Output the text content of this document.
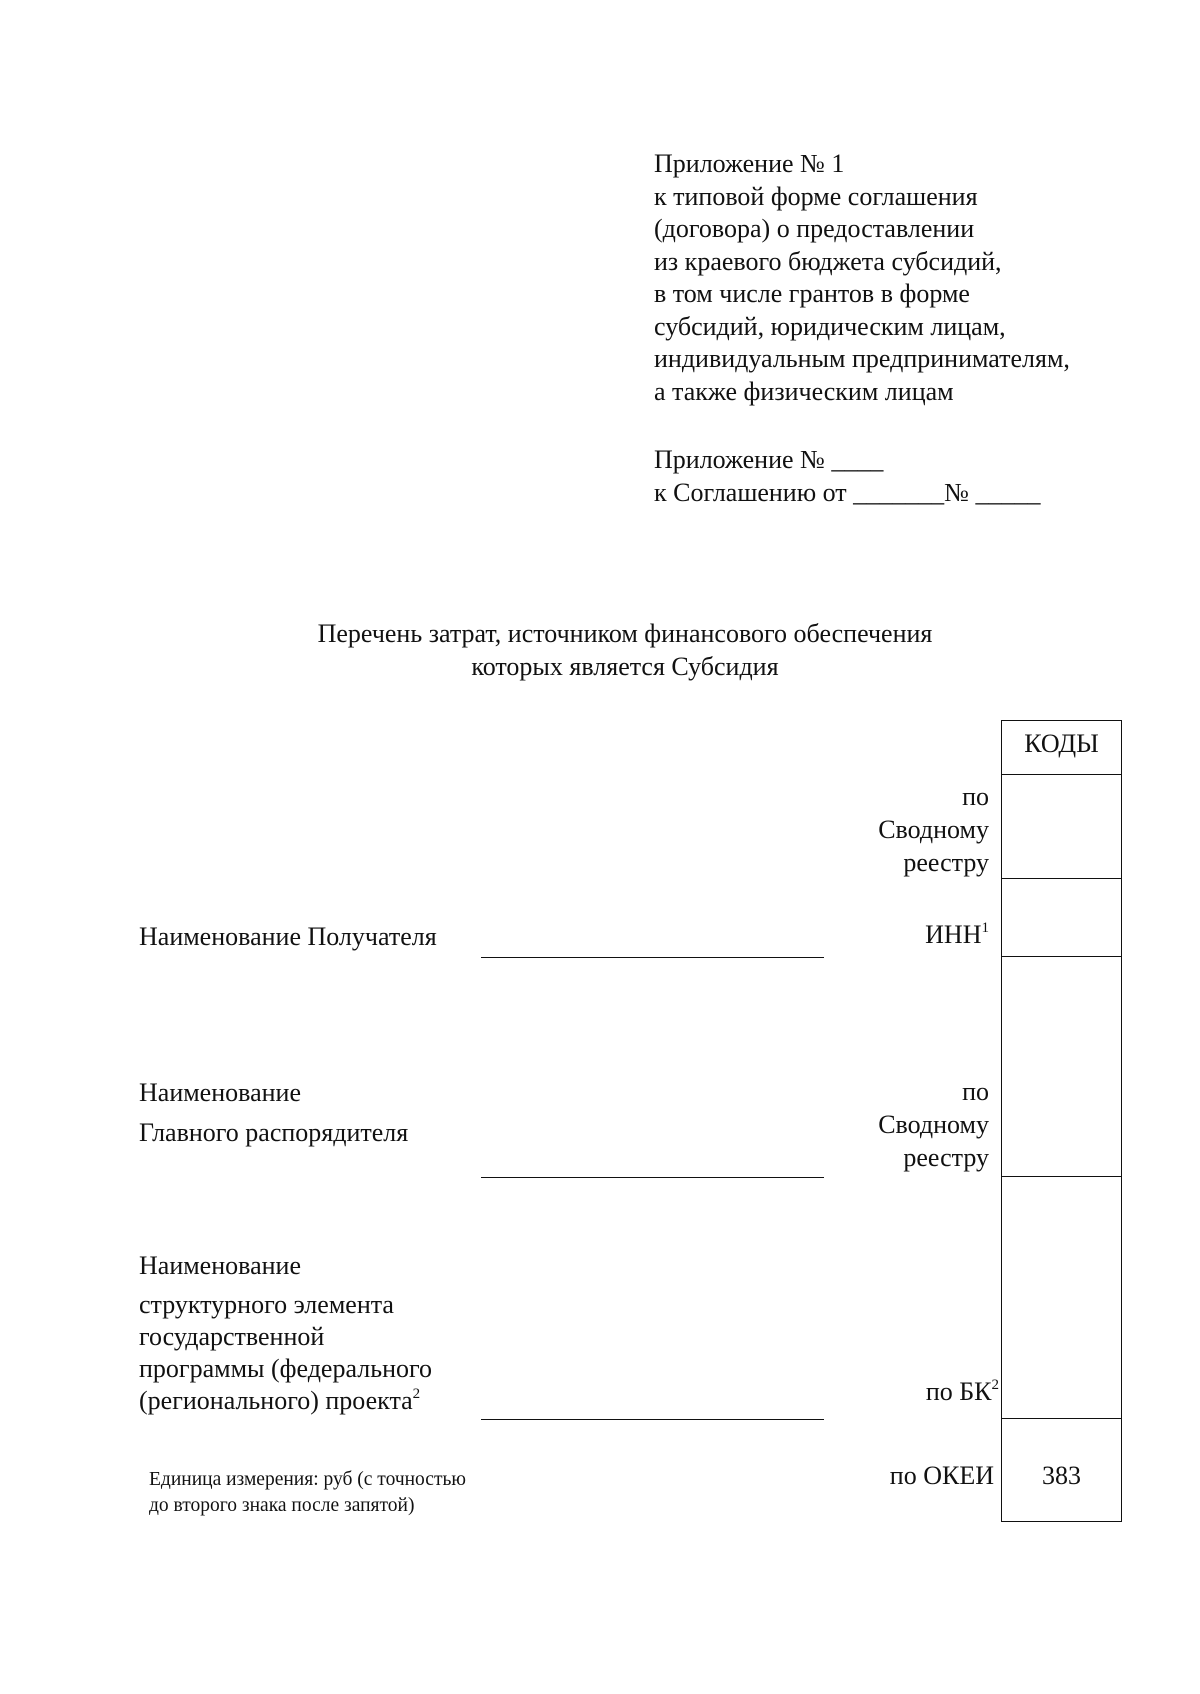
Приложение № 1
к типовой форме соглашения
(договора) о предоставлении
из краевого бюджета субсидий,
в том числе грантов в форме
субсидий, юридическим лицам,
индивидуальным предпринимателям,
а также физическим лицам
Приложение № ____
к Соглашению от _______№ _____
Перечень затрат, источником финансового обеспечения
которых является Субсидия
КОДЫ
383
по
Сводному
реестру
Наименование Получателя	ИНН$^1$
Наименование
Главного распорядителя
по
Сводному
реестру
Наименование
структурного элемента
государственной
программы (федерального
(регионального) проекта$^2$	по $БК^2$
Единица измерения: руб (с точностью
до второго знака после запятой)
по ОКЕИ
